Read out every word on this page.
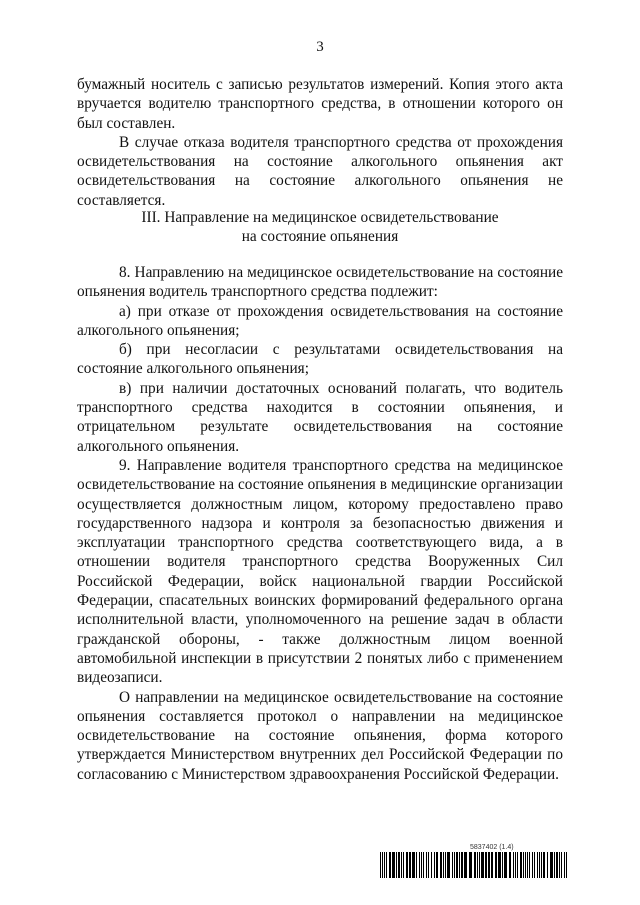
3

бумажный носитель с записью результатов измерений. Копия этого акта вручается водителю транспортного средства, в отношении которого он был составлен.

В случае отказа водителя транспортного средства от прохождения освидетельствования на состояние алкогольного опьянения акт освидетельствования на состояние алкогольного опьянения не составляется.

III. Направление на медицинское освидетельствование
на состояние опьянения

8. Направлению на медицинское освидетельствование на состояние опьянения водитель транспортного средства подлежит:

а) при отказе от прохождения освидетельствования на состояние алкогольного опьянения;

б) при несогласии с результатами освидетельствования на состояние алкогольного опьянения;

в) при наличии достаточных оснований полагать, что водитель транспортного средства находится в состоянии опьянения, и отрицательном результате освидетельствования на состояние алкогольного опьянения.

9. Направление водителя транспортного средства на медицинское освидетельствование на состояние опьянения в медицинские организации осуществляется должностным лицом, которому предоставлено право государственного надзора и контроля за безопасностью движения и эксплуатации транспортного средства соответствующего вида, а в отношении водителя транспортного средства Вооруженных Сил Российской Федерации, войск национальной гвардии Российской Федерации, спасательных воинских формирований федерального органа исполнительной власти, уполномоченного на решение задач в области гражданской обороны, - также должностным лицом военной автомобильной инспекции в присутствии 2 понятых либо с применением видеозаписи.

О направлении на медицинское освидетельствование на состояние опьянения составляется протокол о направлении на медицинское освидетельствование на состояние опьянения, форма которого утверждается Министерством внутренних дел Российской Федерации по согласованию с Министерством здравоохранения Российской Федерации.

5837402 (1.4)
